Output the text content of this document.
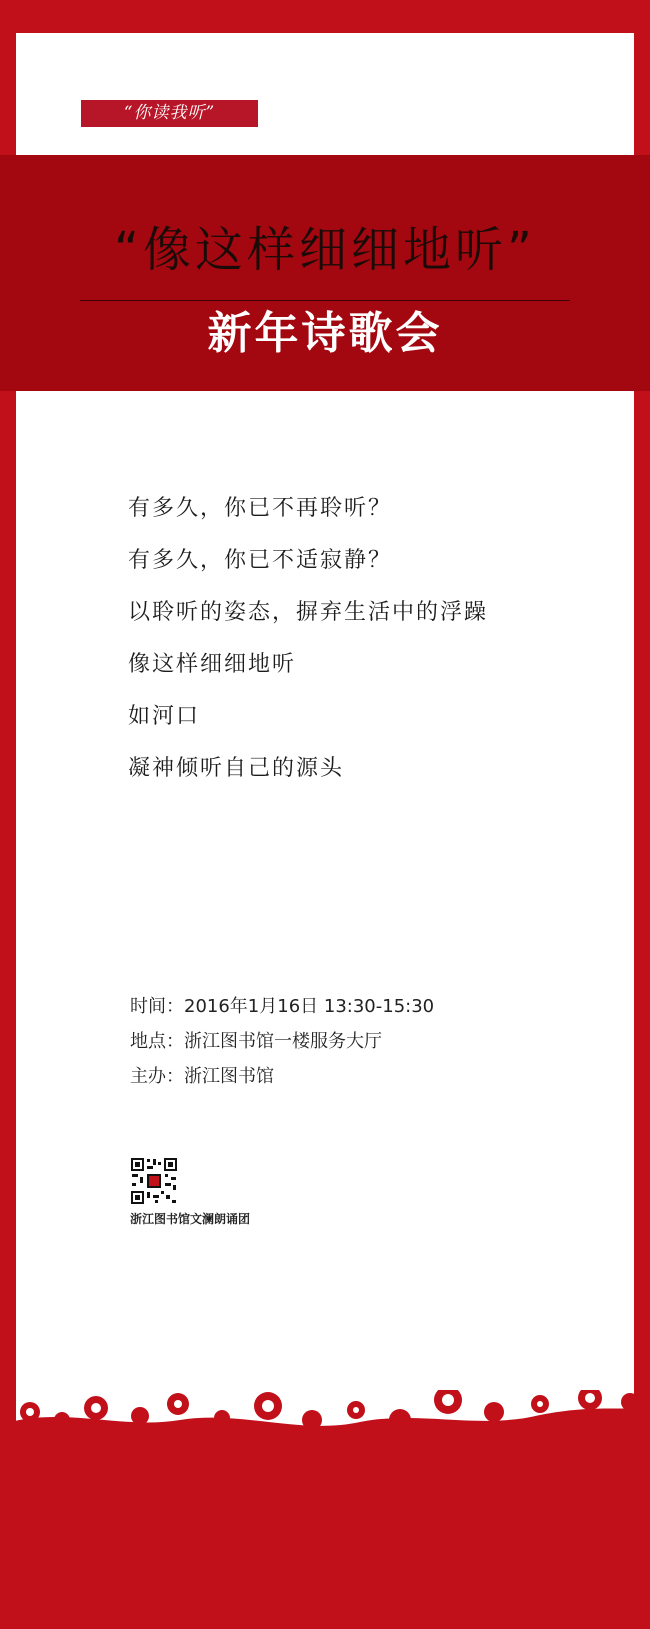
“你读我听”
“像这样细细地听”
新年诗歌会
有多久，你已不再聆听？
有多久，你已不适寂静？
以聆听的姿态，摒弃生活中的浮躁
像这样细细地听
如河口
凝神倾听自己的源头
时间：2016年1月16日 13:30-15:30
地点：浙江图书馆一楼服务大厅
主办：浙江图书馆
浙江图书馆文澜朗诵团
